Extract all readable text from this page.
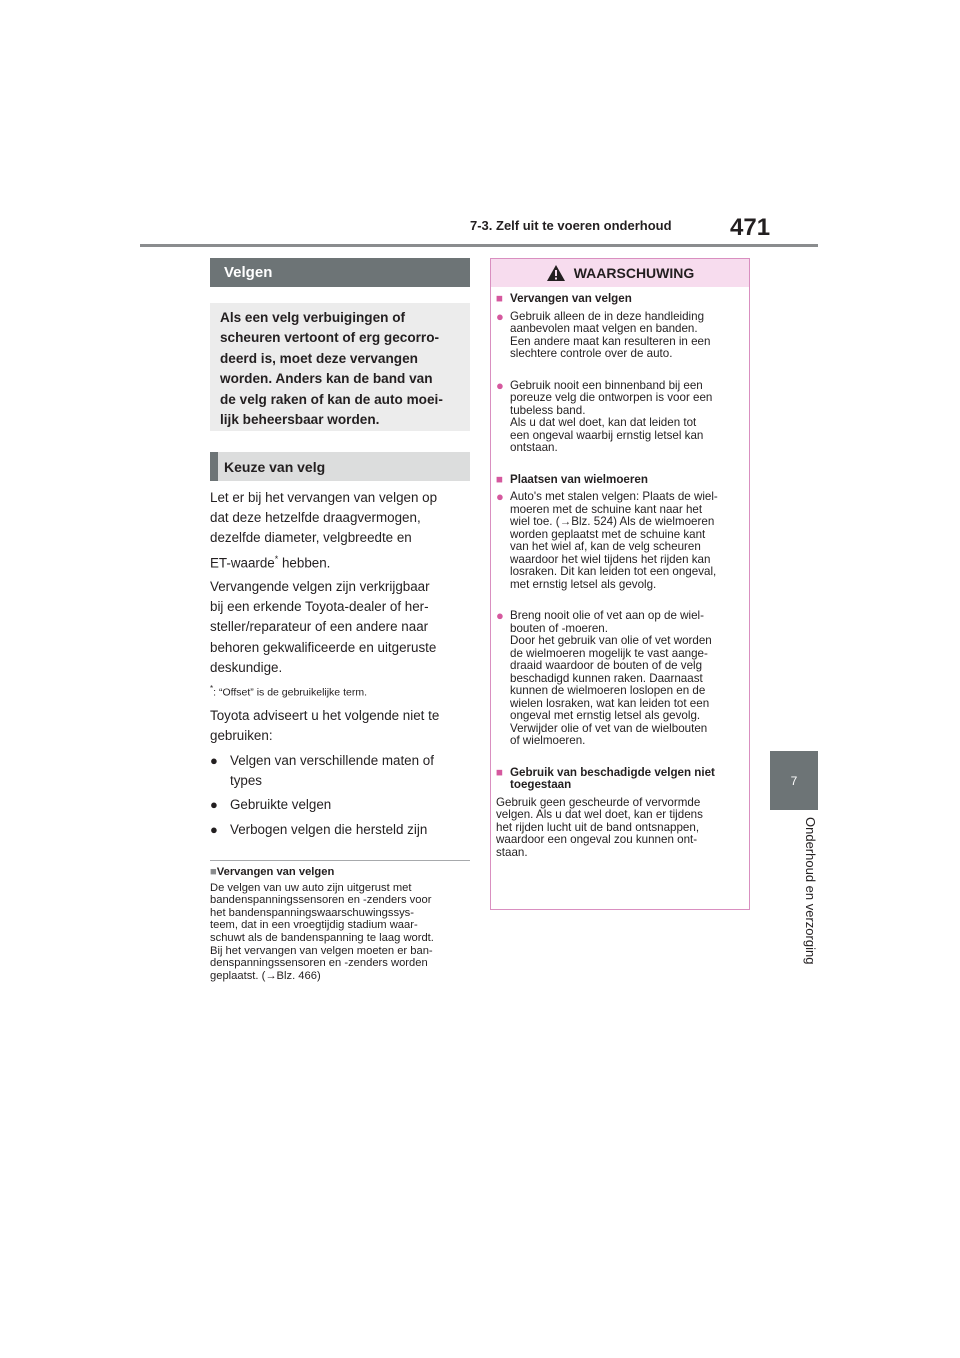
7-3. Zelf uit te voeren onderhoud	471
7
Onderhoud en verzorging
Velgen
Als een velg verbuigingen of
scheuren vertoont of erg gecorro-
deerd is, moet deze vervangen
worden. Anders kan de band van
de velg raken of kan de auto moei-
lijk beheersbaar worden.
Keuze van velg
Let er bij het vervangen van velgen op
dat deze hetzelfde draagvermogen,
dezelfde diameter, velgbreedte en
ET-waarde* hebben.
Vervangende velgen zijn verkrijgbaar
bij een erkende Toyota-dealer of her-
steller/reparateur of een andere naar
behoren gekwalificeerde en uitgeruste
deskundige.
*: “Offset” is de gebruikelijke term.
Toyota adviseert u het volgende niet te
gebruiken:
● Velgen van verschillende maten of
types
● Gebruikte velgen
● Verbogen velgen die hersteld zijn
■Vervangen van velgen
De velgen van uw auto zijn uitgerust met
bandenspanningssensoren en -zenders voor
het bandenspanningswaarschuwingssys-
teem, dat in een vroegtijdig stadium waar-
schuwt als de bandenspanning te laag wordt.
Bij het vervangen van velgen moeten er ban-
denspanningssensoren en -zenders worden
geplaatst. (→Blz. 466)
WAARSCHUWING
■ Vervangen van velgen
● Gebruik alleen de in deze handleiding
aanbevolen maat velgen en banden.
Een andere maat kan resulteren in een
slechtere controle over de auto.
● Gebruik nooit een binnenband bij een
poreuze velg die ontworpen is voor een
tubeless band.
Als u dat wel doet, kan dat leiden tot
een ongeval waarbij ernstig letsel kan
ontstaan.
■ Plaatsen van wielmoeren
● Auto's met stalen velgen: Plaats de wiel-
moeren met de schuine kant naar het
wiel toe. (→Blz. 524) Als de wielmoeren
worden geplaatst met de schuine kant
van het wiel af, kan de velg scheuren
waardoor het wiel tijdens het rijden kan
losraken. Dit kan leiden tot een ongeval,
met ernstig letsel als gevolg.
● Breng nooit olie of vet aan op de wiel-
bouten of -moeren.
Door het gebruik van olie of vet worden
de wielmoeren mogelijk te vast aange-
draaid waardoor de bouten of de velg
beschadigd kunnen raken. Daarnaast
kunnen de wielmoeren loslopen en de
wielen losraken, wat kan leiden tot een
ongeval met ernstig letsel als gevolg.
Verwijder olie of vet van de wielbouten
of wielmoeren.
■ Gebruik van beschadigde velgen niet
toegestaan
Gebruik geen gescheurde of vervormde
velgen. Als u dat wel doet, kan er tijdens
het rijden lucht uit de band ontsnappen,
waardoor een ongeval zou kunnen ont-
staan.
